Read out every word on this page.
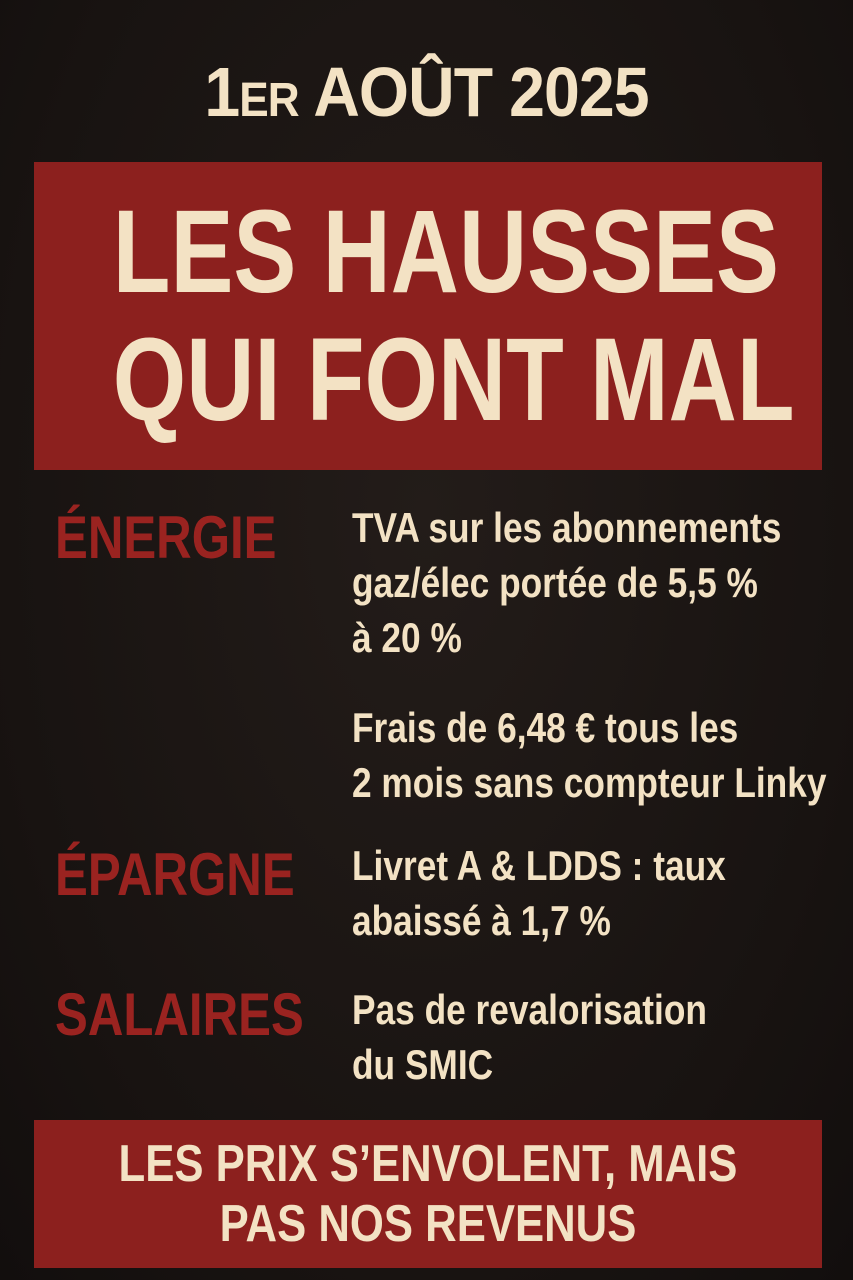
1ER AOÛT 2025
LES HAUSSES
QUI FONT MAL
ÉNERGIE TVA sur les abonnements
gaz/élec portée de 5,5 %
à 20 %
Frais de 6,48 € tous les
2 mois sans compteur Linky
ÉPARGNE Livret A & LDDS : taux
abaissé à 1,7 %
SALAIRES Pas de revalorisation
du SMIC
LES PRIX S’ENVOLENT, MAIS
PAS NOS REVENUS
